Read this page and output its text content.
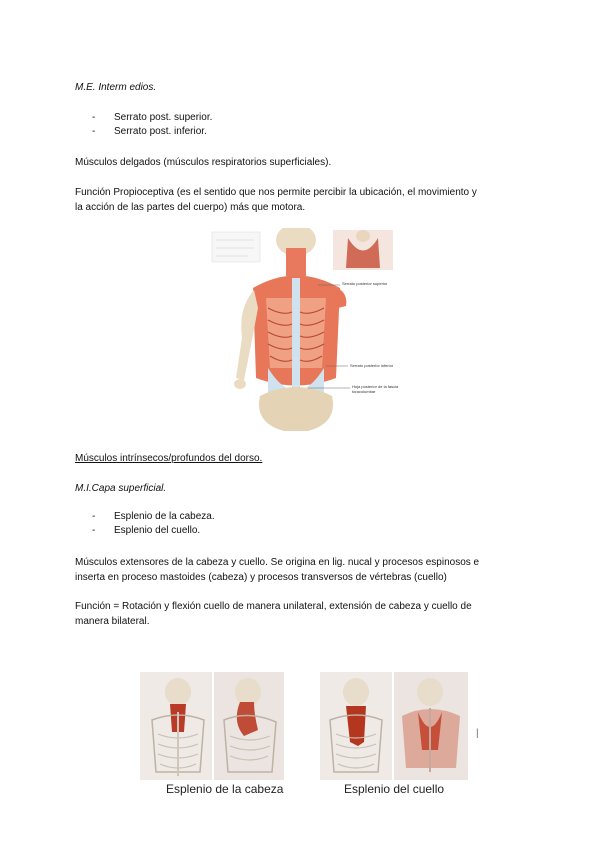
M.E. Interm edios.
- Serrato post. superior.
- Serrato post. inferior.
Músculos delgados (músculos respiratorios superficiales).
Función Propioceptiva (es el sentido que nos permite percibir la ubicación, el movimiento y
la acción de las partes del cuerpo) más que motora.
Serrato posterior superior
Serrato posterior inferior
Hoja posterior de la fascia toracolumbar
Músculos intrínsecos/profundos del dorso.
M.I.Capa superficial.
- Esplenio de la cabeza.
- Esplenio del cuello.
Músculos extensores de la cabeza y cuello. Se origina en lig. nucal y procesos espinosos e
inserta en proceso mastoides (cabeza) y procesos transversos de vértebras (cuello)
Función = Rotación y flexión cuello de manera unilateral, extensión de cabeza y cuello de
manera bilateral.
|
Esplenio de la cabeza	Esplenio del cuello
